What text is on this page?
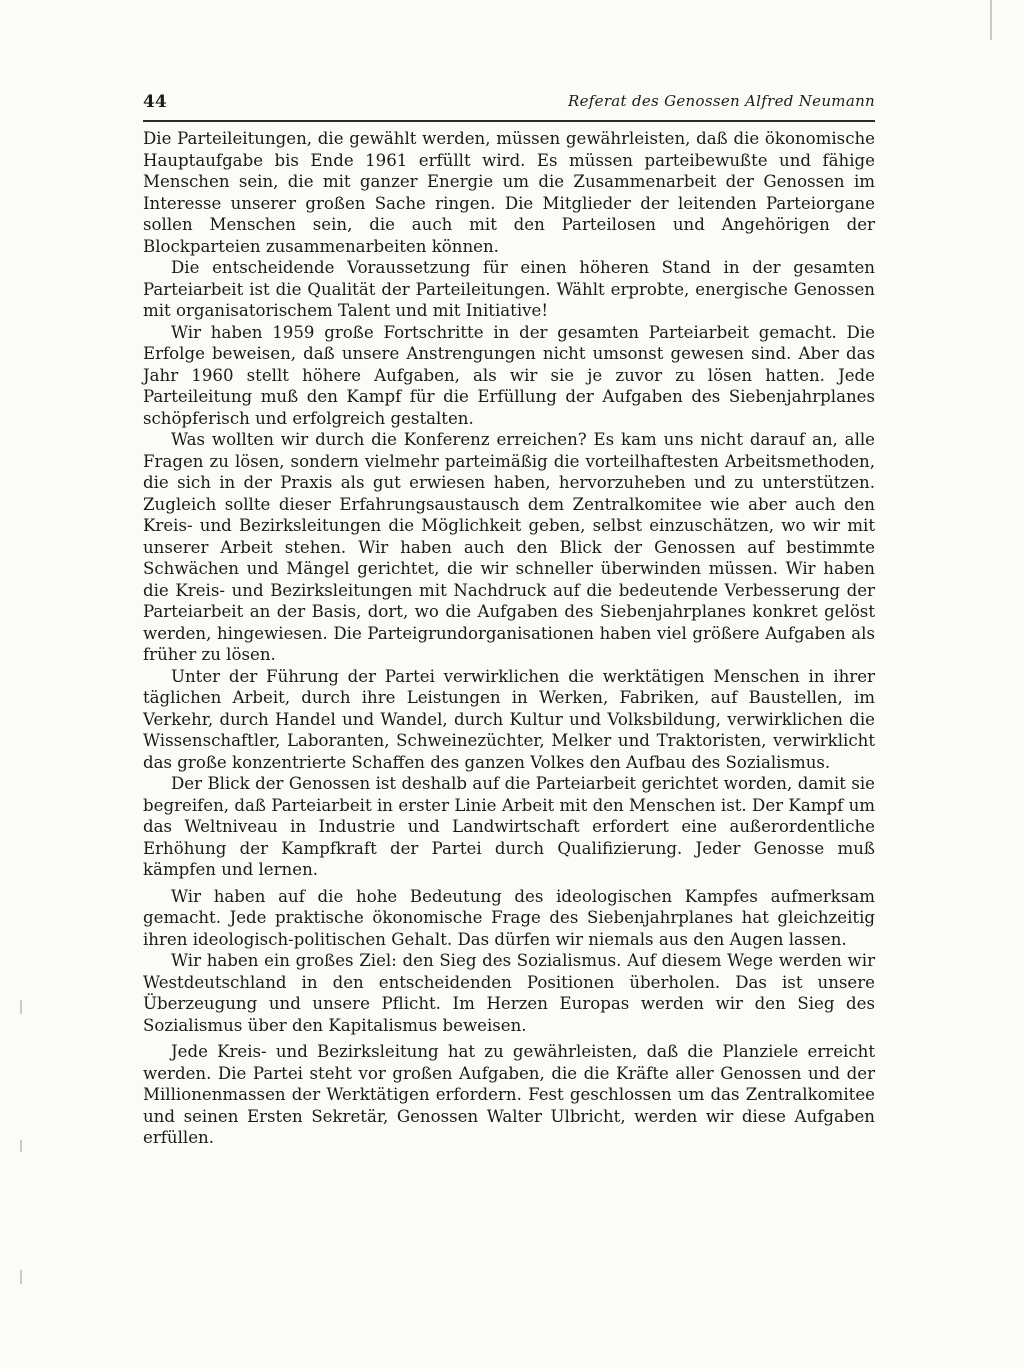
44	Referat des Genossen Alfred Neumann

Die Parteileitungen, die gewählt werden, müssen gewährleisten, daß die ökonomische Hauptaufgabe bis Ende 1961 erfüllt wird. Es müssen parteibewußte und fähige Menschen sein, die mit ganzer Energie um die Zusammenarbeit der Genossen im Interesse unserer großen Sache ringen. Die Mitglieder der leitenden Parteiorgane sollen Menschen sein, die auch mit den Parteilosen und Angehörigen der Blockparteien zusammenarbeiten können.

Die entscheidende Voraussetzung für einen höheren Stand in der gesamten Parteiarbeit ist die Qualität der Parteileitungen. Wählt erprobte, energische Genossen mit organisatorischem Talent und mit Initiative!

Wir haben 1959 große Fortschritte in der gesamten Parteiarbeit gemacht. Die Erfolge beweisen, daß unsere Anstrengungen nicht umsonst gewesen sind. Aber das Jahr 1960 stellt höhere Aufgaben, als wir sie je zuvor zu lösen hatten. Jede Parteileitung muß den Kampf für die Erfüllung der Aufgaben des Siebenjahrplanes schöpferisch und erfolgreich gestalten.

Was wollten wir durch die Konferenz erreichen? Es kam uns nicht darauf an, alle Fragen zu lösen, sondern vielmehr parteimäßig die vorteilhaftesten Arbeitsmethoden, die sich in der Praxis als gut erwiesen haben, hervorzuheben und zu unterstützen. Zugleich sollte dieser Erfahrungsaustausch dem Zentralkomitee wie aber auch den Kreis- und Bezirksleitungen die Möglichkeit geben, selbst einzuschätzen, wo wir mit unserer Arbeit stehen. Wir haben auch den Blick der Genossen auf bestimmte Schwächen und Mängel gerichtet, die wir schneller überwinden müssen. Wir haben die Kreis- und Bezirksleitungen mit Nachdruck auf die bedeutende Verbesserung der Parteiarbeit an der Basis, dort, wo die Aufgaben des Siebenjahrplanes konkret gelöst werden, hingewiesen. Die Parteigrundorganisationen haben viel größere Aufgaben als früher zu lösen.

Unter der Führung der Partei verwirklichen die werktätigen Menschen in ihrer täglichen Arbeit, durch ihre Leistungen in Werken, Fabriken, auf Baustellen, im Verkehr, durch Handel und Wandel, durch Kultur und Volksbildung, verwirklichen die Wissenschaftler, Laboranten, Schweinezüchter, Melker und Traktoristen, verwirklicht das große konzentrierte Schaffen des ganzen Volkes den Aufbau des Sozialismus.

Der Blick der Genossen ist deshalb auf die Parteiarbeit gerichtet worden, damit sie begreifen, daß Parteiarbeit in erster Linie Arbeit mit den Menschen ist. Der Kampf um das Weltniveau in Industrie und Landwirtschaft erfordert eine außerordentliche Erhöhung der Kampfkraft der Partei durch Qualifizierung. Jeder Genosse muß kämpfen und lernen.

Wir haben auf die hohe Bedeutung des ideologischen Kampfes aufmerksam gemacht. Jede praktische ökonomische Frage des Siebenjahrplanes hat gleichzeitig ihren ideologisch-politischen Gehalt. Das dürfen wir niemals aus den Augen lassen.

Wir haben ein großes Ziel: den Sieg des Sozialismus. Auf diesem Wege werden wir Westdeutschland in den entscheidenden Positionen überholen. Das ist unsere Überzeugung und unsere Pflicht. Im Herzen Europas werden wir den Sieg des Sozialismus über den Kapitalismus beweisen.

Jede Kreis- und Bezirksleitung hat zu gewährleisten, daß die Planziele erreicht werden. Die Partei steht vor großen Aufgaben, die die Kräfte aller Genossen und der Millionenmassen der Werktätigen erfordern. Fest geschlossen um das Zentralkomitee und seinen Ersten Sekretär, Genossen Walter Ulbricht, werden wir diese Aufgaben erfüllen.
